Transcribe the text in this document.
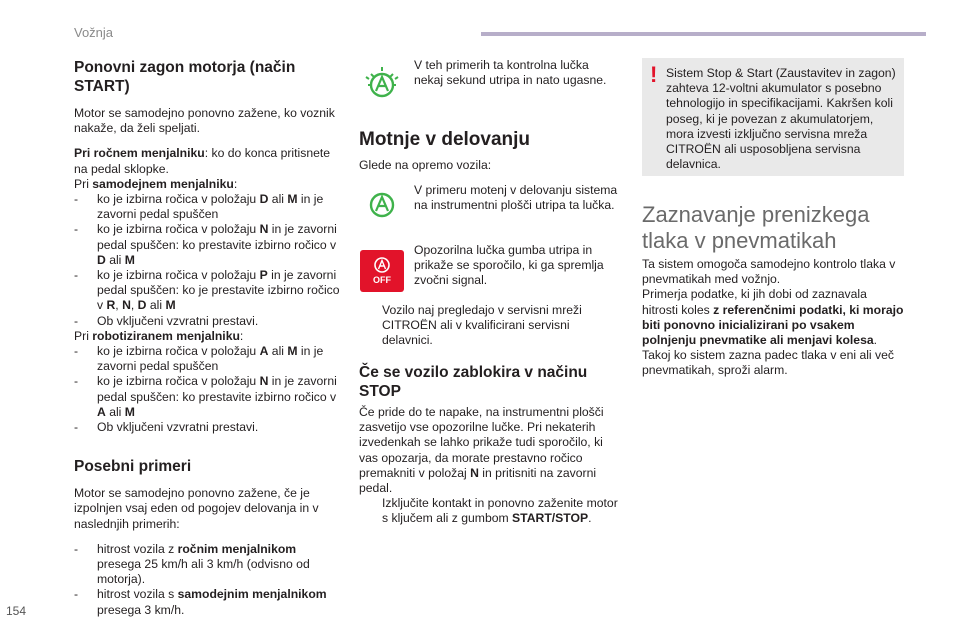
Vožnja
154

Ponovni zagon motorja (način START)

Motor se samodejno ponovno zažene, ko voznik nakaže, da želi speljati.

Pri ročnem menjalniku: ko do konca pritisnete na pedal sklopke.

Pri samodejnem menjalniku:

- ko je izbirna ročica v položaju D ali M in je zavorni pedal spuščen

- ko je izbirna ročica v položaju N in je zavorni pedal spuščen: ko prestavite izbirno ročico v D ali M

- ko je izbirna ročica v položaju P in je zavorni pedal spuščen: ko je prestavite izbirno ročico v R, N, D ali M

- Ob vključeni vzvratni prestavi.

Pri robotiziranem menjalniku:

- ko je izbirna ročica v položaju A ali M in je zavorni pedal spuščen

- ko je izbirna ročica v položaju N in je zavorni pedal spuščen: ko prestavite izbirno ročico v A ali M

- Ob vključeni vzvratni prestavi.

Posebni primeri

Motor se samodejno ponovno zažene, če je izpolnjen vsaj eden od pogojev delovanja in v naslednjih primerih:

- hitrost vozila z ročnim menjalnikom presega 25 km/h ali 3 km/h (odvisno od motorja).

- hitrost vozila s samodejnim menjalnikom presega 3 km/h.

OFF
V teh primerih ta kontrolna lučka nekaj sekund utripa in nato ugasne.
Motnje v delovanju
Glede na opremo vozila:
V primeru motenj v delovanju sistema na instrumentni plošči utripa ta lučka.
Opozorilna lučka gumba utripa in prikaže se sporočilo, ki ga spremlja zvočni signal.

Vozilo naj pregledajo v servisni mreži CITROËN ali v kvalificirani servisni delavnici.

Če se vozilo zablokira v načinu STOP

Če pride do te napake, na instrumentni plošči zasvetijo vse opozorilne lučke. Pri nekaterih izvedenkah se lahko prikaže tudi sporočilo, ki vas opozarja, da morate prestavno ročico premakniti v položaj N in pritisniti na zavorni pedal.

Izključite kontakt in ponovno zaženite motor s ključem ali z gumbom START/STOP.

! Sistem Stop & Start (Zaustavitev in zagon) zahteva 12-voltni akumulator s posebno tehnologijo in specifikacijami. Kakršen koli poseg, ki je povezan z akumulatorjem, mora izvesti izključno servisna mreža CITROËN ali usposobljena servisna delavnica.
Zaznavanje prenizkega tlaka v pnevmatikah

Ta sistem omogoča samodejno kontrolo tlaka v pnevmatikah med vožnjo.

Primerja podatke, ki jih dobi od zaznavala hitrosti koles z referenčnimi podatki, ki morajo biti ponovno inicializirani po vsakem polnjenju pnevmatike ali menjavi kolesa.

Takoj ko sistem zazna padec tlaka v eni ali več pnevmatikah, sproži alarm.
